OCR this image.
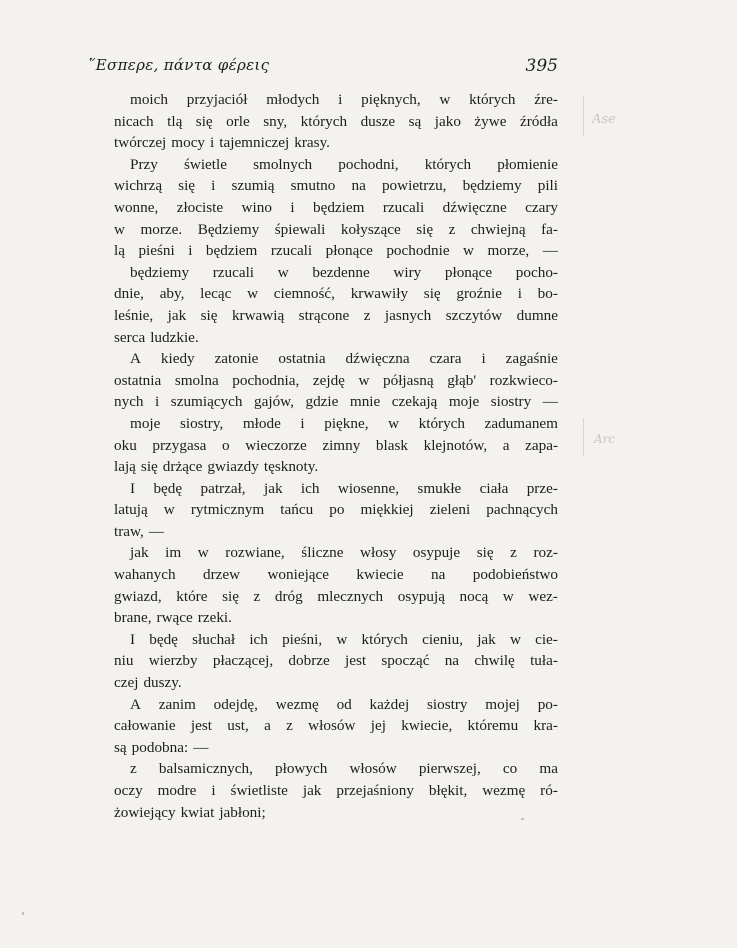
῞Εσπερε, πάντα φέρεις	395
moich przyjaciół młodych i pięknych, w których źre-
nicach tlą się orle sny, których dusze są jako żywe źródła
twórczej mocy i tajemniczej krasy.
Przy świetle smolnych pochodni, których płomienie
wichrzą się i szumią smutno na powietrzu, będziemy pili
wonne, złociste wino i będziem rzucali dźwięczne czary
w morze. Będziemy śpiewali kołyszące się z chwiejną fa-
lą pieśni i będziem rzucali płonące pochodnie w morze, —
będziemy rzucali w bezdenne wiry płonące pocho-
dnie, aby, lecąc w ciemność, krwawiły się groźnie i bo-
leśnie, jak się krwawią strącone z jasnych szczytów dumne
serca ludzkie.
A kiedy zatonie ostatnia dźwięczna czara i zagaśnie
ostatnia smolna pochodnia, zejdę w półjasną głąb' rozkwieco-
nych i szumiących gajów, gdzie mnie czekają moje siostry —
moje siostry, młode i piękne, w których zadumanem
oku przygasa o wieczorze zimny blask klejnotów, a zapa-
lają się drżące gwiazdy tęsknoty.
I będę patrzał, jak ich wiosenne, smukłe ciała prze-
latują w rytmicznym tańcu po miękkiej zieleni pachnących
traw, —
jak im w rozwiane, śliczne włosy osypuje się z roz-
wahanych drzew woniejące kwiecie na podobieństwo
gwiazd, które się z dróg mlecznych osypują nocą w wez-
brane, rwące rzeki.
I będę słuchał ich pieśni, w których cieniu, jak w cie-
niu wierzby płaczącej, dobrze jest spocząć na chwilę tuła-
czej duszy.
A zanim odejdę, wezmę od każdej siostry mojej po-
całowanie jest ust, a z włosów jej kwiecie, któremu kra-
są podobna: —
z balsamicznych, płowych włosów pierwszej, co ma
oczy modre i świetliste jak przejaśniony błękit, wezmę ró-
żowiejący kwiat jabłoni;
Ase
Arc
